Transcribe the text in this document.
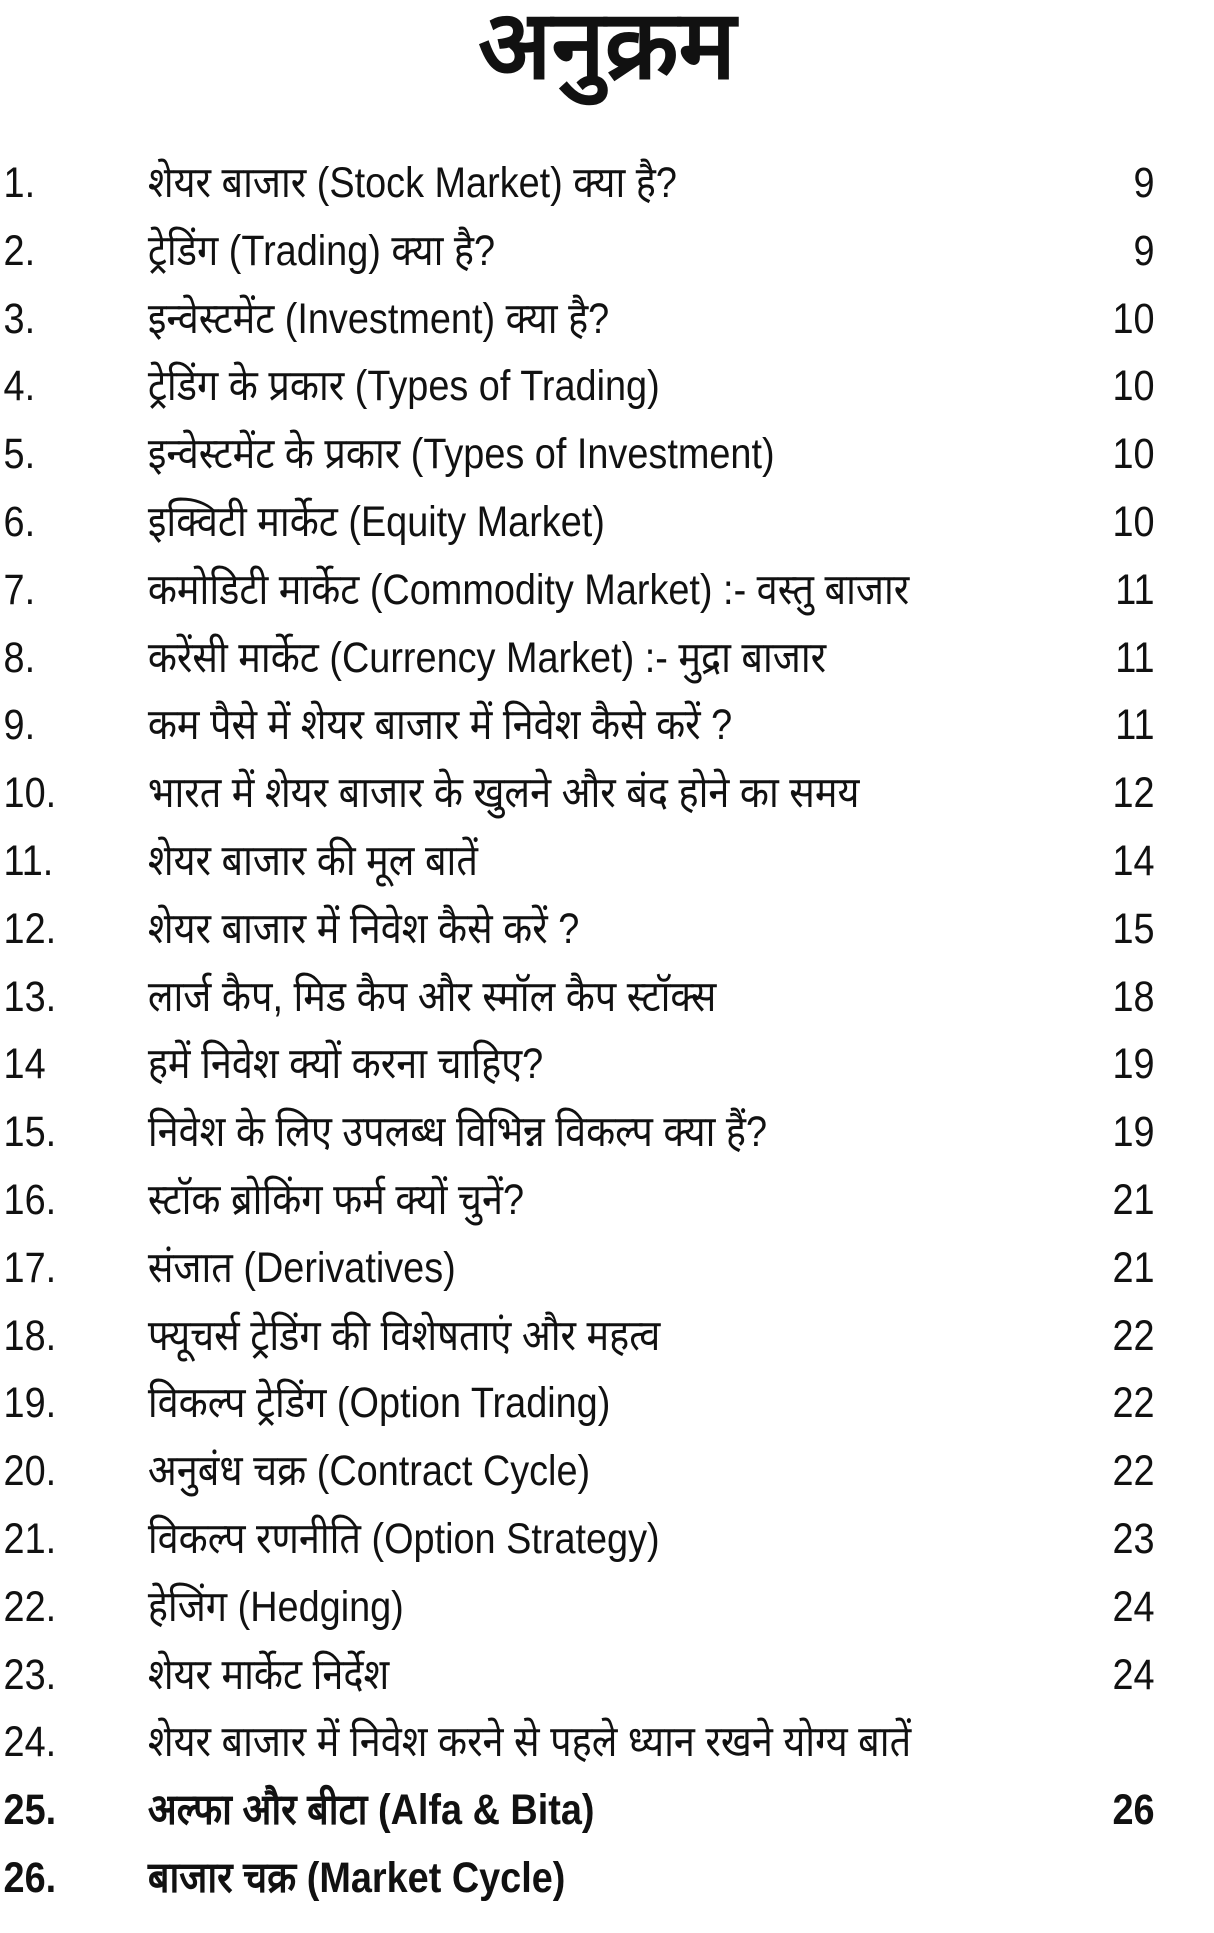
अनुक्रम
1.	शेयर बाजार (Stock Market) क्या है?	9
2.	ट्रेडिंग (Trading) क्या है?	9
3.	इन्वेस्टमेंट (Investment) क्या है?	10
4.	ट्रेडिंग के प्रकार (Types of Trading)	10
5.	इन्वेस्टमेंट के प्रकार (Types of Investment)	10
6.	इक्विटी मार्केट (Equity Market)	10
7.	कमोडिटी मार्केट (Commodity Market) :- वस्तु बाजार	11
8.	करेंसी मार्केट (Currency Market) :- मुद्रा बाजार	11
9.	कम पैसे में शेयर बाजार में निवेश कैसे करें ?	11
10. भारत में शेयर बाजार के खुलने और बंद होने का समय	12
11. शेयर बाजार की मूल बातें	14
12. शेयर बाजार में निवेश कैसे करें ?	15
13. लार्ज कैप, मिड कैप और स्मॉल कैप स्टॉक्स	18
14 हमें निवेश क्यों करना चाहिए?	19
15. निवेश के लिए उपलब्ध विभिन्न विकल्प क्या हैं?	19
16. स्टॉक ब्रोकिंग फर्म क्यों चुनें?	21
17. संजात (Derivatives)	21
18. फ्यूचर्स ट्रेडिंग की विशेषताएं और महत्व	22
19. विकल्प ट्रेडिंग (Option Trading)	22
20. अनुबंध चक्र (Contract Cycle)	22
21. विकल्प रणनीति (Option Strategy)	23
22. हेजिंग (Hedging)	24
23. शेयर मार्केट निर्देश	24
24. शेयर बाजार में निवेश करने से पहले ध्यान रखने योग्य बातें
25. अल्फा और बीटा (Alfa & Bita)	26
26. बाजार चक्र (Market Cycle)
